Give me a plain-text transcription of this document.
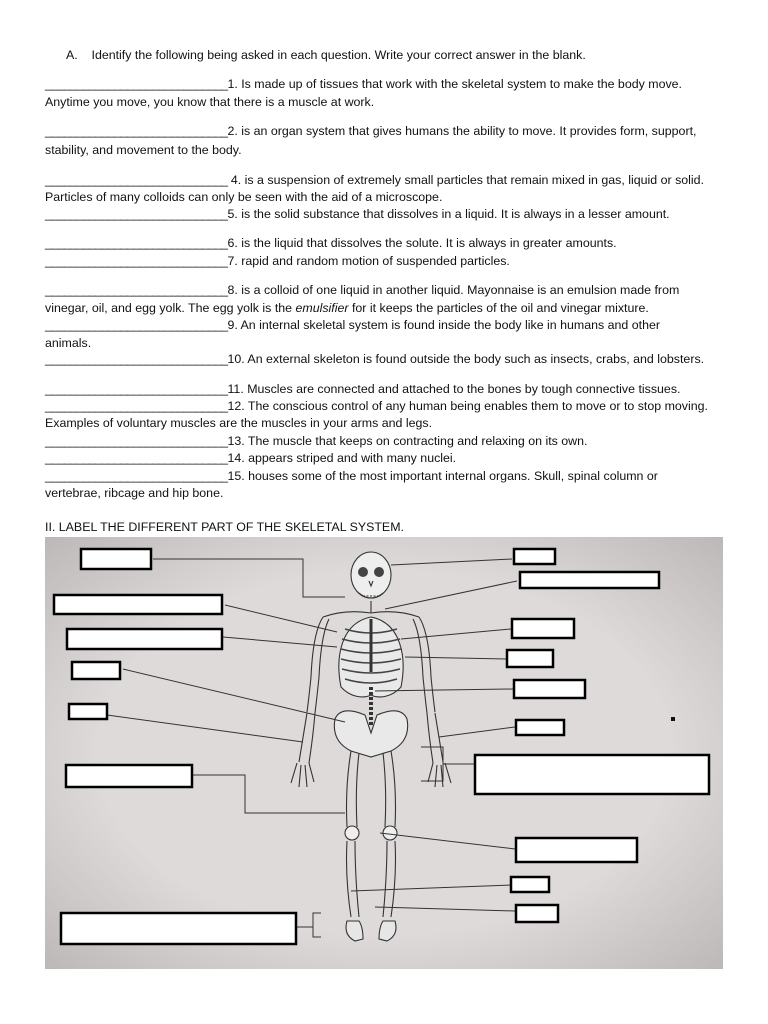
A. Identify the following being asked in each question. Write your correct answer in the blank.
_____________________________1. Is made up of tissues that work with the skeletal system to make the body move.
Anytime you move, you know that there is a muscle at work.
_____________________________2. is an organ system that gives humans the ability to move. It provides form, support,
stability, and movement to the body.
_____________________________ 4. is a suspension of extremely small particles that remain mixed in gas, liquid or solid.
Particles of many colloids can only be seen with the aid of a microscope.
_____________________________5. is the solid substance that dissolves in a liquid. It is always in a lesser amount.
_____________________________6. is the liquid that dissolves the solute. It is always in greater amounts.
_____________________________7. rapid and random motion of suspended particles.
_____________________________8. is a colloid of one liquid in another liquid. Mayonnaise is an emulsion made from
vinegar, oil, and egg yolk. The egg yolk is the emulsifier for it keeps the particles of the oil and vinegar mixture.
_____________________________9. An internal skeletal system is found inside the body like in humans and other
animals.
_____________________________10. An external skeleton is found outside the body such as insects, crabs, and lobsters.
_____________________________11. Muscles are connected and attached to the bones by tough connective tissues.
_____________________________12. The conscious control of any human being enables them to move or to stop moving.
Examples of voluntary muscles are the muscles in your arms and legs.
_____________________________13. The muscle that keeps on contracting and relaxing on its own.
_____________________________14. appears striped and with many nuclei.
_____________________________15. houses some of the most important internal organs. Skull, spinal column or
vertebrae, ribcage and hip bone.
II. LABEL THE DIFFERENT PART OF THE SKELETAL SYSTEM.
